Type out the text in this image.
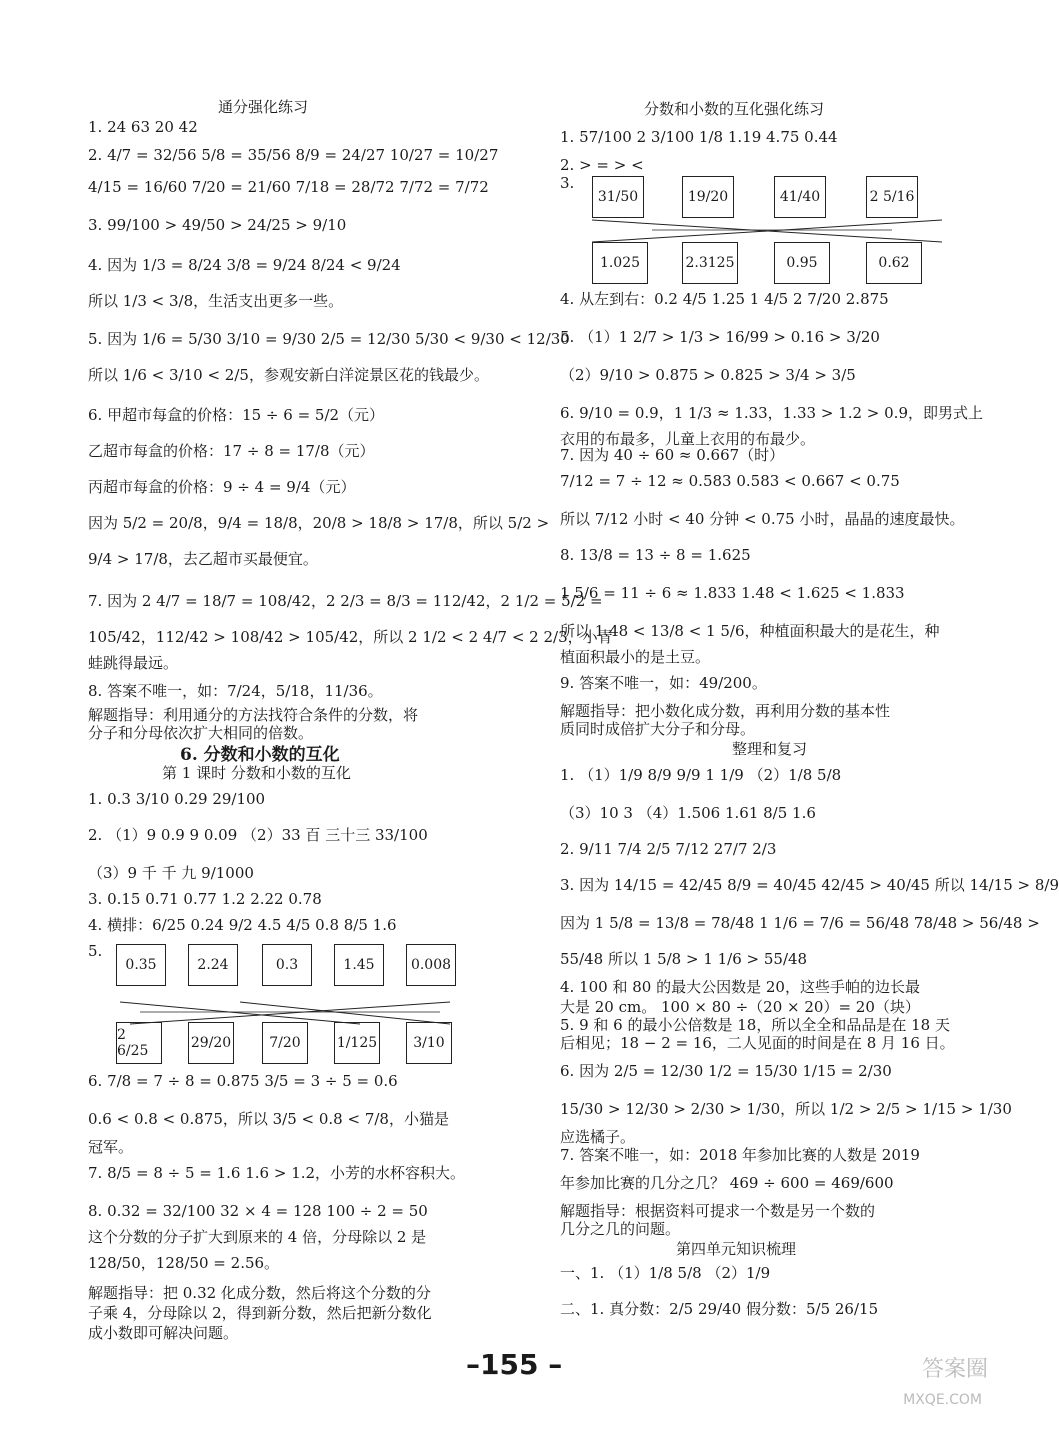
通分强化练习
6. 分数和小数的互化
第 1 课时 分数和小数的互化
1. 24 63 20 42
2. 4/7 = 32/56 5/8 = 35/56 8/9 = 24/27 10/27 = 10/27
4/15 = 16/60 7/20 = 21/60 7/18 = 28/72 7/72 = 7/72
3. 99/100 > 49/50 > 24/25 > 9/10
4. 因为 1/3 = 8/24 3/8 = 9/24 8/24 < 9/24
所以 1/3 < 3/8，生活支出更多一些。
5. 因为 1/6 = 5/30 3/10 = 9/30 2/5 = 12/30 5/30 < 9/30 < 12/30
所以 1/6 < 3/10 < 2/5，参观安新白洋淀景区花的钱最少。
6. 甲超市每盒的价格：15 ÷ 6 = 5/2（元）
乙超市每盒的价格：17 ÷ 8 = 17/8（元）
丙超市每盒的价格：9 ÷ 4 = 9/4（元）
因为 5/2 = 20/8，9/4 = 18/8，20/8 > 18/8 > 17/8，所以 5/2 >
9/4 > 17/8，去乙超市买最便宜。
7. 因为 2 4/7 = 18/7 = 108/42，2 2/3 = 8/3 = 112/42，2 1/2 = 5/2 =
105/42，112/42 > 108/42 > 105/42，所以 2 1/2 < 2 4/7 < 2 2/3，小青
蛙跳得最远。
8. 答案不唯一，如：7/24，5/18，11/36。
解题指导：利用通分的方法找符合条件的分数，将
分子和分母依次扩大相同的倍数。
1. 0.3 3/10 0.29 29/100
2. （1）9 0.9 9 0.09 （2）33 百 三十三 33/100
（3）9 千 千 九 9/1000
3. 0.15 0.71 0.77 1.2 2.22 0.78
4. 横排：6/25 0.24 9/2 4.5 4/5 0.8 8/5 1.6
5.
6. 7/8 = 7 ÷ 8 = 0.875 3/5 = 3 ÷ 5 = 0.6
0.6 < 0.8 < 0.875，所以 3/5 < 0.8 < 7/8，小猫是
冠军。
7. 8/5 = 8 ÷ 5 = 1.6 1.6 > 1.2，小芳的水杯容积大。
8. 0.32 = 32/100 32 × 4 = 128 100 ÷ 2 = 50
这个分数的分子扩大到原来的 4 倍，分母除以 2 是
128/50，128/50 = 2.56。
解题指导：把 0.32 化成分数，然后将这个分数的分
子乘 4，分母除以 2，得到新分数，然后把新分数化
成小数即可解决问题。
0.35	2.24	0.3	1.45	0.008
2 6/25	29/20	7/20	1/125	3/10
分数和小数的互化强化练习
整理和复习
第四单元知识梳理
1. 57/100 2 3/100 1/8 1.19 4.75 0.44
2. > = > <
3.
4. 从左到右：0.2 4/5 1.25 1 4/5 2 7/20 2.875
5. （1）1 2/7 > 1/3 > 16/99 > 0.16 > 3/20
（2）9/10 > 0.875 > 0.825 > 3/4 > 3/5
6. 9/10 = 0.9，1 1/3 ≈ 1.33，1.33 > 1.2 > 0.9，即男式上
衣用的布最多，儿童上衣用的布最少。
7. 因为 40 ÷ 60 ≈ 0.667（时）
7/12 = 7 ÷ 12 ≈ 0.583 0.583 < 0.667 < 0.75
所以 7/12 小时 < 40 分钟 < 0.75 小时，晶晶的速度最快。
8. 13/8 = 13 ÷ 8 = 1.625
1 5/6 = 11 ÷ 6 ≈ 1.833 1.48 < 1.625 < 1.833
所以 1.48 < 13/8 < 1 5/6，种植面积最大的是花生，种
植面积最小的是土豆。
9. 答案不唯一，如：49/200。
解题指导：把小数化成分数，再利用分数的基本性
质同时成倍扩大分子和分母。
1. （1）1/9 8/9 9/9 1 1/9 （2）1/8 5/8
（3）10 3 （4）1.506 1.61 8/5 1.6
2. 9/11 7/4 2/5 7/12 27/7 2/3
3. 因为 14/15 = 42/45 8/9 = 40/45 42/45 > 40/45 所以 14/15 > 8/9
因为 1 5/8 = 13/8 = 78/48 1 1/6 = 7/6 = 56/48 78/48 > 56/48 >
55/48 所以 1 5/8 > 1 1/6 > 55/48
4. 100 和 80 的最大公因数是 20，这些手帕的边长最
大是 20 cm。 100 × 80 ÷（20 × 20）= 20（块）
5. 9 和 6 的最小公倍数是 18，所以全全和品品是在 18 天
后相见；18 − 2 = 16，二人见面的时间是在 8 月 16 日。
6. 因为 2/5 = 12/30 1/2 = 15/30 1/15 = 2/30
15/30 > 12/30 > 2/30 > 1/30，所以 1/2 > 2/5 > 1/15 > 1/30
应选橘子。
7. 答案不唯一，如：2018 年参加比赛的人数是 2019
年参加比赛的几分之几？ 469 ÷ 600 = 469/600
解题指导：根据资料可提求一个数是另一个数的
几分之几的问题。
一、1. （1）1/8 5/8 （2）1/9
二、1. 真分数：2/5 29/40 假分数：5/5 26/15
31/50	19/20	41/40	2 5/16
1.025	2.3125	0.95	0.62
–155 –	答案圈
MXQE.COM
